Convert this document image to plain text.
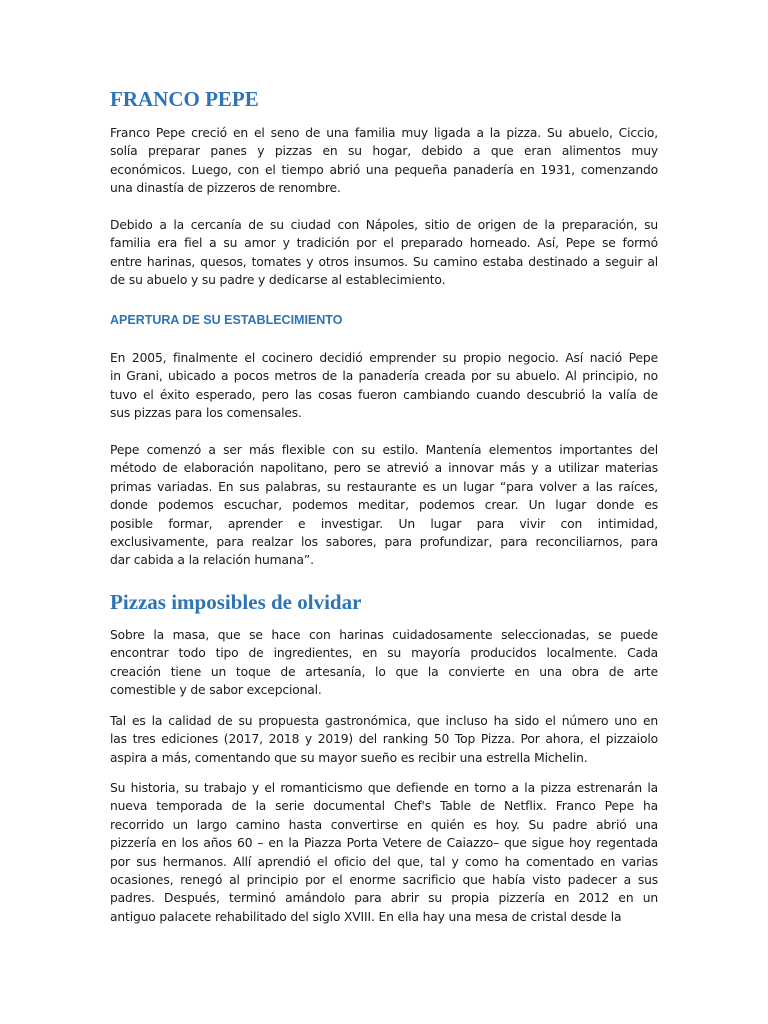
FRANCO PEPE
Franco Pepe creció en el seno de una familia muy ligada a la pizza. Su abuelo, Ciccio,
solía preparar panes y pizzas en su hogar, debido a que eran alimentos muy
económicos. Luego, con el tiempo abrió una pequeña panadería en 1931, comenzando
una dinastía de pizzeros de renombre.
Debido a la cercanía de su ciudad con Nápoles, sitio de origen de la preparación, su
familia era fiel a su amor y tradición por el preparado horneado. Así, Pepe se formó
entre harinas, quesos, tomates y otros insumos. Su camino estaba destinado a seguir al
de su abuelo y su padre y dedicarse al establecimiento.
APERTURA DE SU ESTABLECIMIENTO
En 2005, finalmente el cocinero decidió emprender su propio negocio. Así nació Pepe
in Grani, ubicado a pocos metros de la panadería creada por su abuelo. Al principio, no
tuvo el éxito esperado, pero las cosas fueron cambiando cuando descubrió la valía de
sus pizzas para los comensales.
Pepe comenzó a ser más flexible con su estilo. Mantenía elementos importantes del
método de elaboración napolitano, pero se atrevió a innovar más y a utilizar materias
primas variadas. En sus palabras, su restaurante es un lugar “para volver a las raíces,
donde podemos escuchar, podemos meditar, podemos crear. Un lugar donde es
posible formar, aprender e investigar. Un lugar para vivir con intimidad,
exclusivamente, para realzar los sabores, para profundizar, para reconciliarnos, para
dar cabida a la relación humana”.
Pizzas imposibles de olvidar
Sobre la masa, que se hace con harinas cuidadosamente seleccionadas, se puede
encontrar todo tipo de ingredientes, en su mayoría producidos localmente. Cada
creación tiene un toque de artesanía, lo que la convierte en una obra de arte
comestible y de sabor excepcional.
Tal es la calidad de su propuesta gastronómica, que incluso ha sido el número uno en
las tres ediciones (2017, 2018 y 2019) del ranking 50 Top Pizza. Por ahora, el pizzaiolo
aspira a más, comentando que su mayor sueño es recibir una estrella Michelin.
Su historia, su trabajo y el romanticismo que defiende en torno a la pizza estrenarán la
nueva temporada de la serie documental Chef's Table de Netflix. Franco Pepe ha
recorrido un largo camino hasta convertirse en quién es hoy. Su padre abrió una
pizzería en los años 60 – en la Piazza Porta Vetere de Caiazzo– que sigue hoy regentada
por sus hermanos. Allí aprendió el oficio del que, tal y como ha comentado en varias
ocasiones, renegó al principio por el enorme sacrificio que había visto padecer a sus
padres. Después, terminó amándolo para abrir su propia pizzería en 2012 en un
antiguo palacete rehabilitado del siglo XVIII. En ella hay una mesa de cristal desde la
